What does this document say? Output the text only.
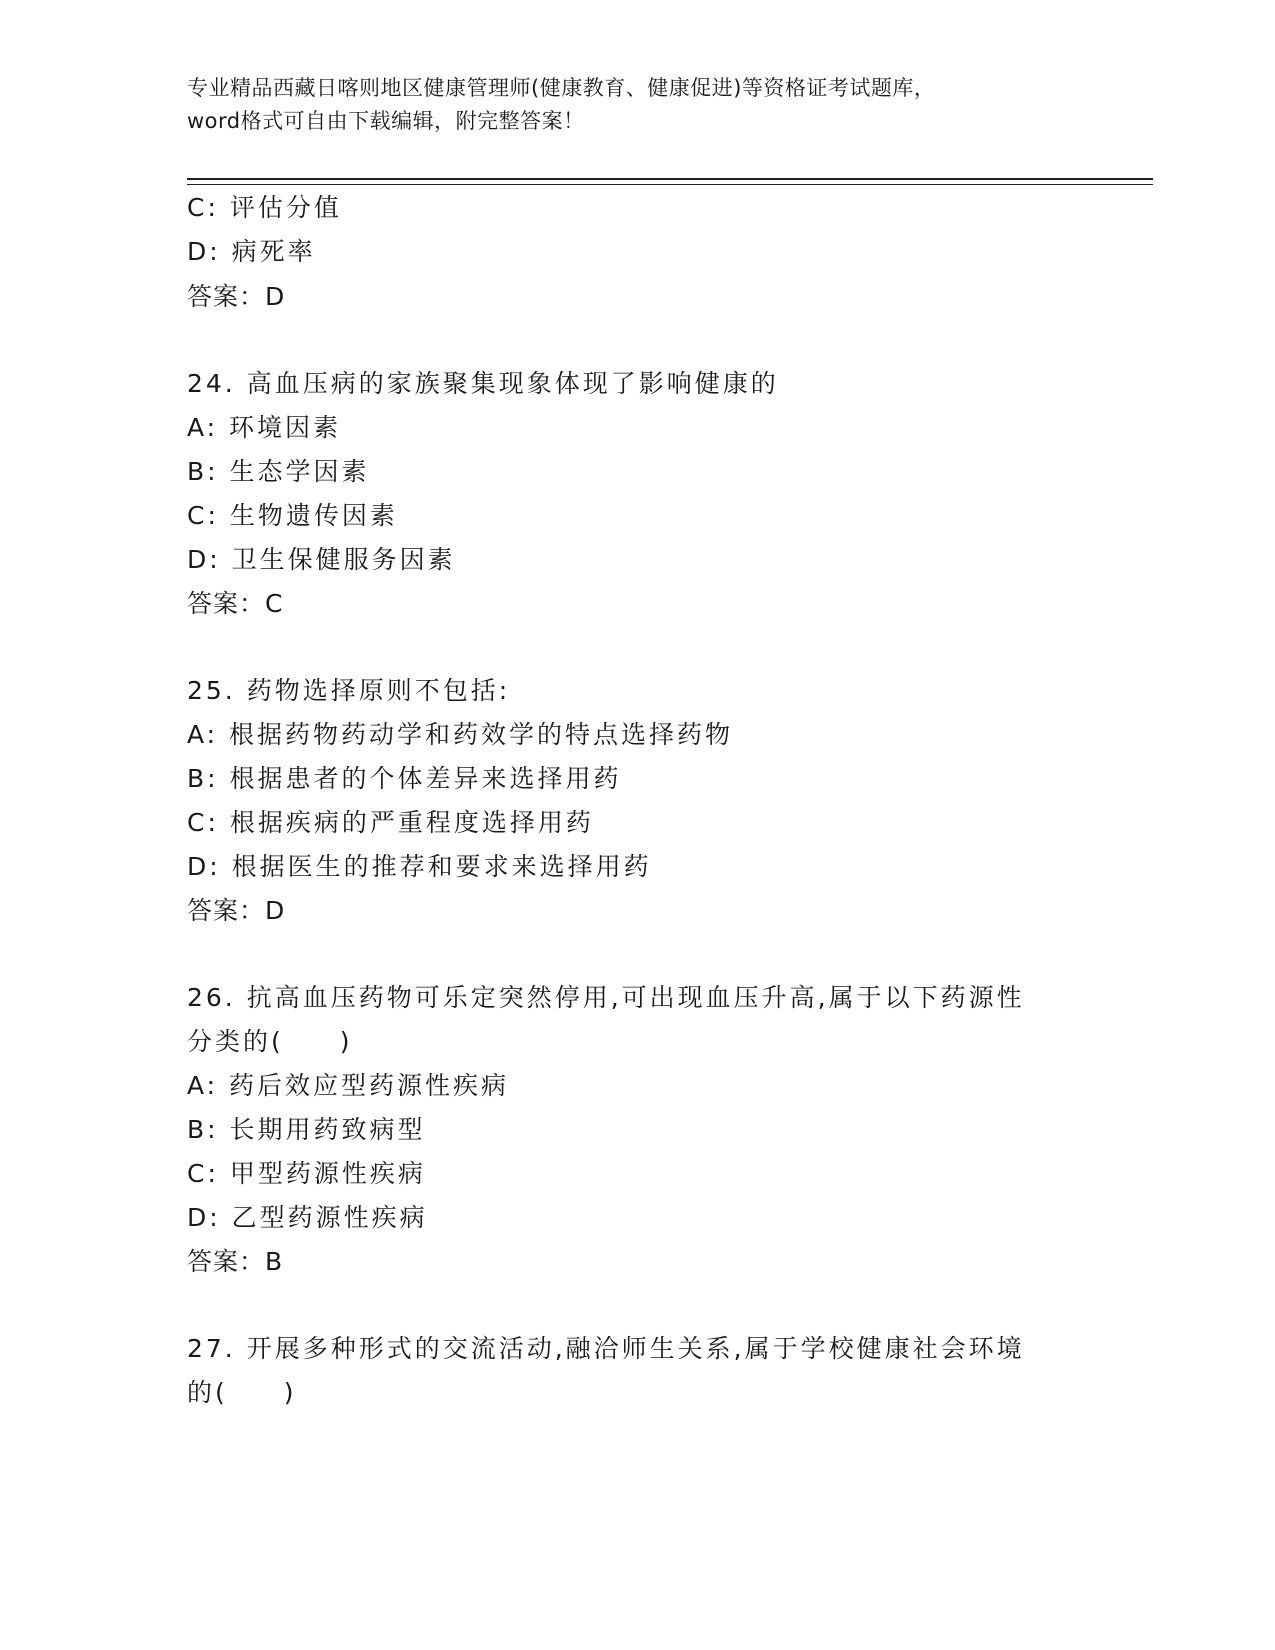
专业精品西藏日喀则地区健康管理师(健康教育、健康促进)等资格证考试题库，
word格式可自由下载编辑，附完整答案！
C: 评估分值
D: 病死率
答案：D
24. 高血压病的家族聚集现象体现了影响健康的
A: 环境因素
B: 生态学因素
C: 生物遗传因素
D: 卫生保健服务因素
答案：C
25. 药物选择原则不包括:
A: 根据药物药动学和药效学的特点选择药物
B: 根据患者的个体差异来选择用药
C: 根据疾病的严重程度选择用药
D: 根据医生的推荐和要求来选择用药
答案：D
26. 抗高血压药物可乐定突然停用,可出现血压升高,属于以下药源性
分类的(　　)
A: 药后效应型药源性疾病
B: 长期用药致病型
C: 甲型药源性疾病
D: 乙型药源性疾病
答案：B
27. 开展多种形式的交流活动,融洽师生关系,属于学校健康社会环境
的(　　)
